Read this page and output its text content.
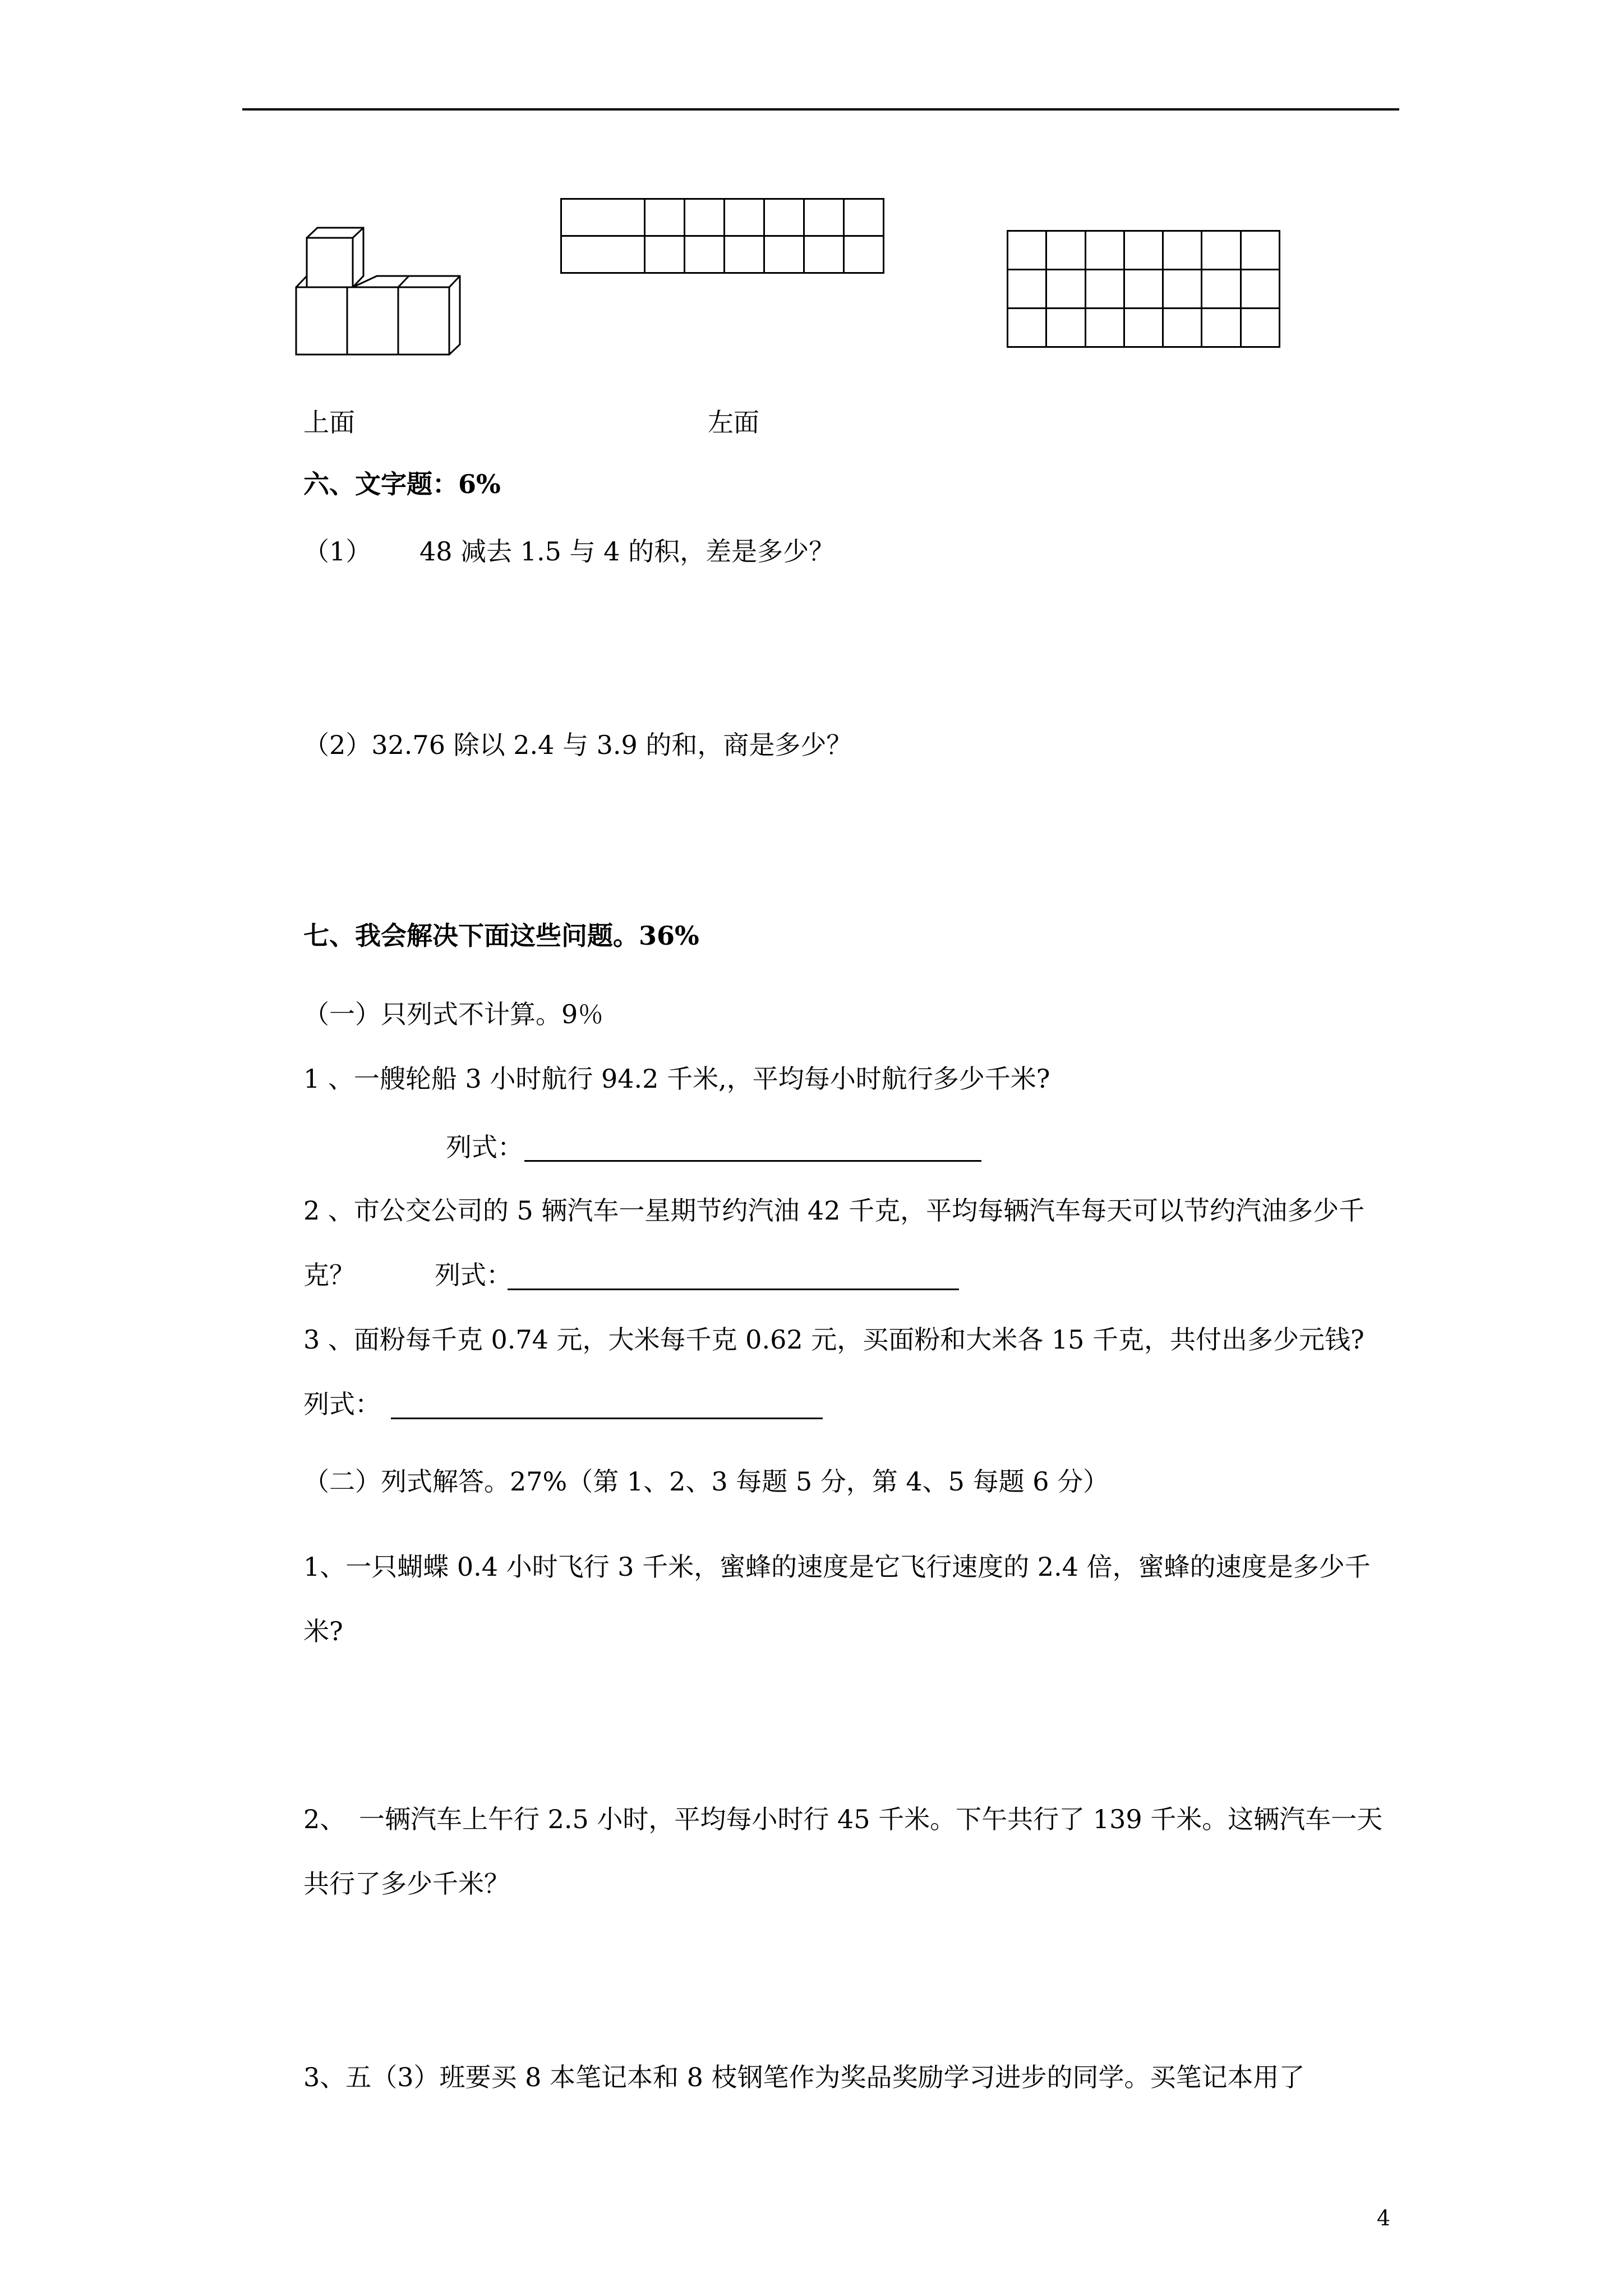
上面	左面
六、文字题：6%
（1） 48 减去 1.5 与 4 的积，差是多少？
（2）32.76 除以 2.4 与 3.9 的和，商是多少？
七、我会解决下面这些问题。36%
（一）只列式不计算。9％
1 、一艘轮船 3 小时航行 94.2 千米,，平均每小时航行多少千米?
列式：
2 、市公交公司的 5 辆汽车一星期节约汽油 42 千克，平均每辆汽车每天可以节约汽油多少千
克？	列式：
3 、面粉每千克 0.74 元，大米每千克 0.62 元，买面粉和大米各 15 千克，共付出多少元钱?
列式：
（二）列式解答。27%（第 1、2、3 每题 5 分，第 4、5 每题 6 分）
1、一只蝴蝶 0.4 小时飞行 3 千米，蜜蜂的速度是它飞行速度的 2.4 倍，蜜蜂的速度是多少千
米?
2、 一辆汽车上午行 2.5 小时，平均每小时行 45 千米。下午共行了 139 千米。这辆汽车一天
共行了多少千米？
3、五（3）班要买 8 本笔记本和 8 枝钢笔作为奖品奖励学习进步的同学。买笔记本用了
4
